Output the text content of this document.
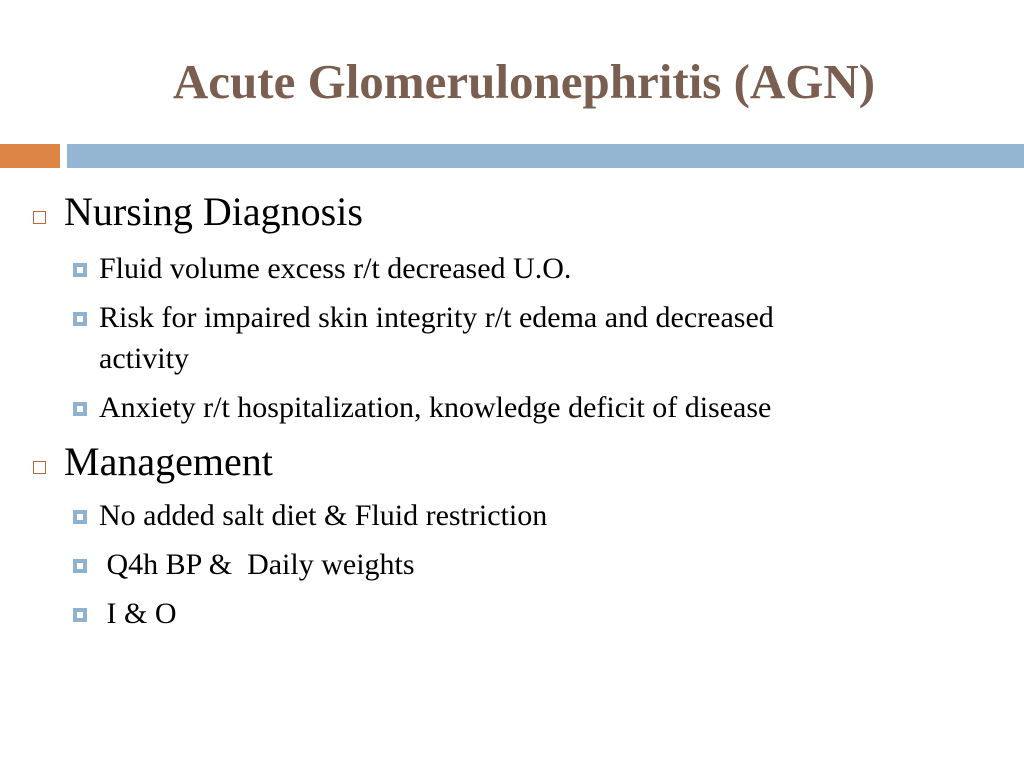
Acute Glomerulonephritis (AGN)
Nursing Diagnosis
Fluid volume excess r/t decreased U.O.
Risk for impaired skin integrity r/t edema and decreased
activity
Anxiety r/t hospitalization, knowledge deficit of disease
Management
No added salt diet & Fluid restriction
Q4h BP &  Daily weights
I & O
